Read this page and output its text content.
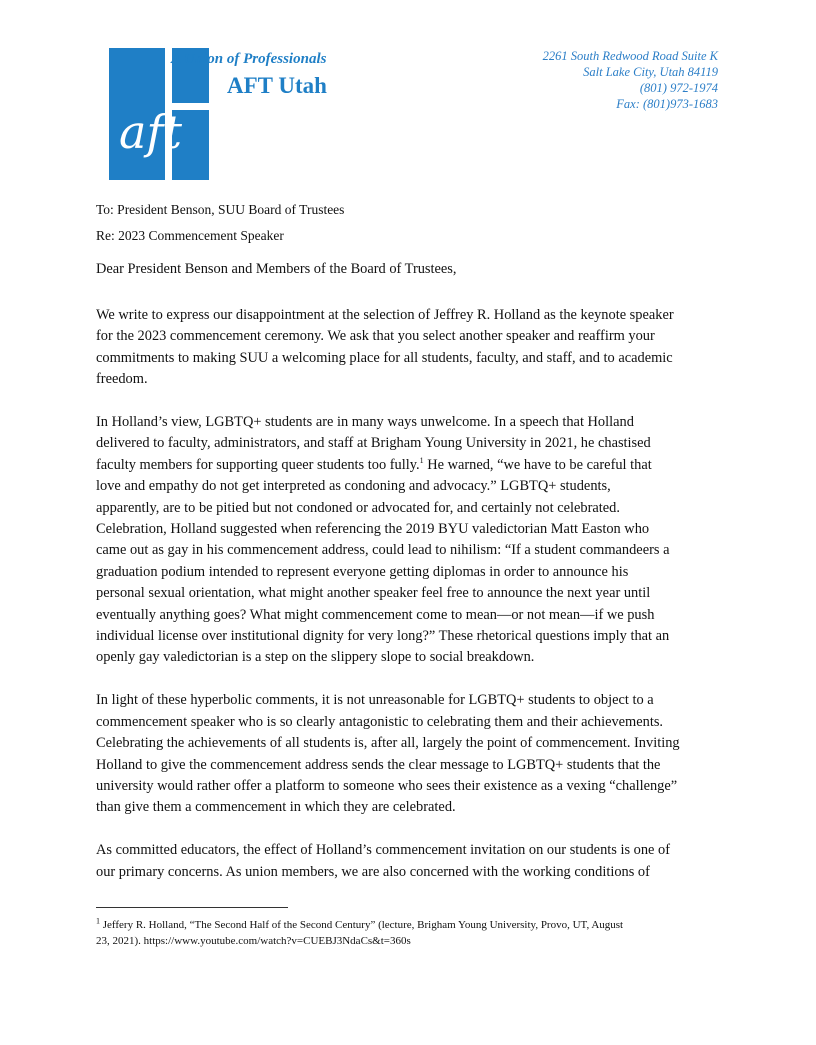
aft
A Union of Professionals
AFT Utah
2261 South Redwood Road Suite K
Salt Lake City, Utah 84119
(801) 972-1974
Fax: (801)973-1683
To: President Benson, SUU Board of Trustees
Re: 2023 Commencement Speaker
Dear President Benson and Members of the Board of Trustees,
We write to express our disappointment at the selection of Jeffrey R. Holland as the keynote speaker
for the 2023 commencement ceremony. We ask that you select another speaker and reaffirm your
commitments to making SUU a welcoming place for all students, faculty, and staff, and to academic
freedom.
In Holland’s view, LGBTQ+ students are in many ways unwelcome. In a speech that Holland
delivered to faculty, administrators, and staff at Brigham Young University in 2021, he chastised
faculty members for supporting queer students too fully.$^1$ He warned, “we have to be careful that
love and empathy do not get interpreted as condoning and advocacy.” LGBTQ+ students,
apparently, are to be pitied but not condoned or advocated for, and certainly not celebrated.
Celebration, Holland suggested when referencing the 2019 BYU valedictorian Matt Easton who
came out as gay in his commencement address, could lead to nihilism: “If a student commandeers a
graduation podium intended to represent everyone getting diplomas in order to announce his
personal sexual orientation, what might another speaker feel free to announce the next year until
eventually anything goes? What might commencement come to mean—or not mean—if we push
individual license over institutional dignity for very long?” These rhetorical questions imply that an
openly gay valedictorian is a step on the slippery slope to social breakdown.
In light of these hyperbolic comments, it is not unreasonable for LGBTQ+ students to object to a
commencement speaker who is so clearly antagonistic to celebrating them and their achievements.
Celebrating the achievements of all students is, after all, largely the point of commencement. Inviting
Holland to give the commencement address sends the clear message to LGBTQ+ students that the
university would rather offer a platform to someone who sees their existence as a vexing “challenge”
than give them a commencement in which they are celebrated.
As committed educators, the effect of Holland’s commencement invitation on our students is one of
our primary concerns. As union members, we are also concerned with the working conditions of
$^1$ Jeffery R. Holland, “The Second Half of the Second Century” (lecture, Brigham Young University, Provo, UT, August
23, 2021). https://www.youtube.com/watch?v=CUEBJ3NdaCs&t=360s
